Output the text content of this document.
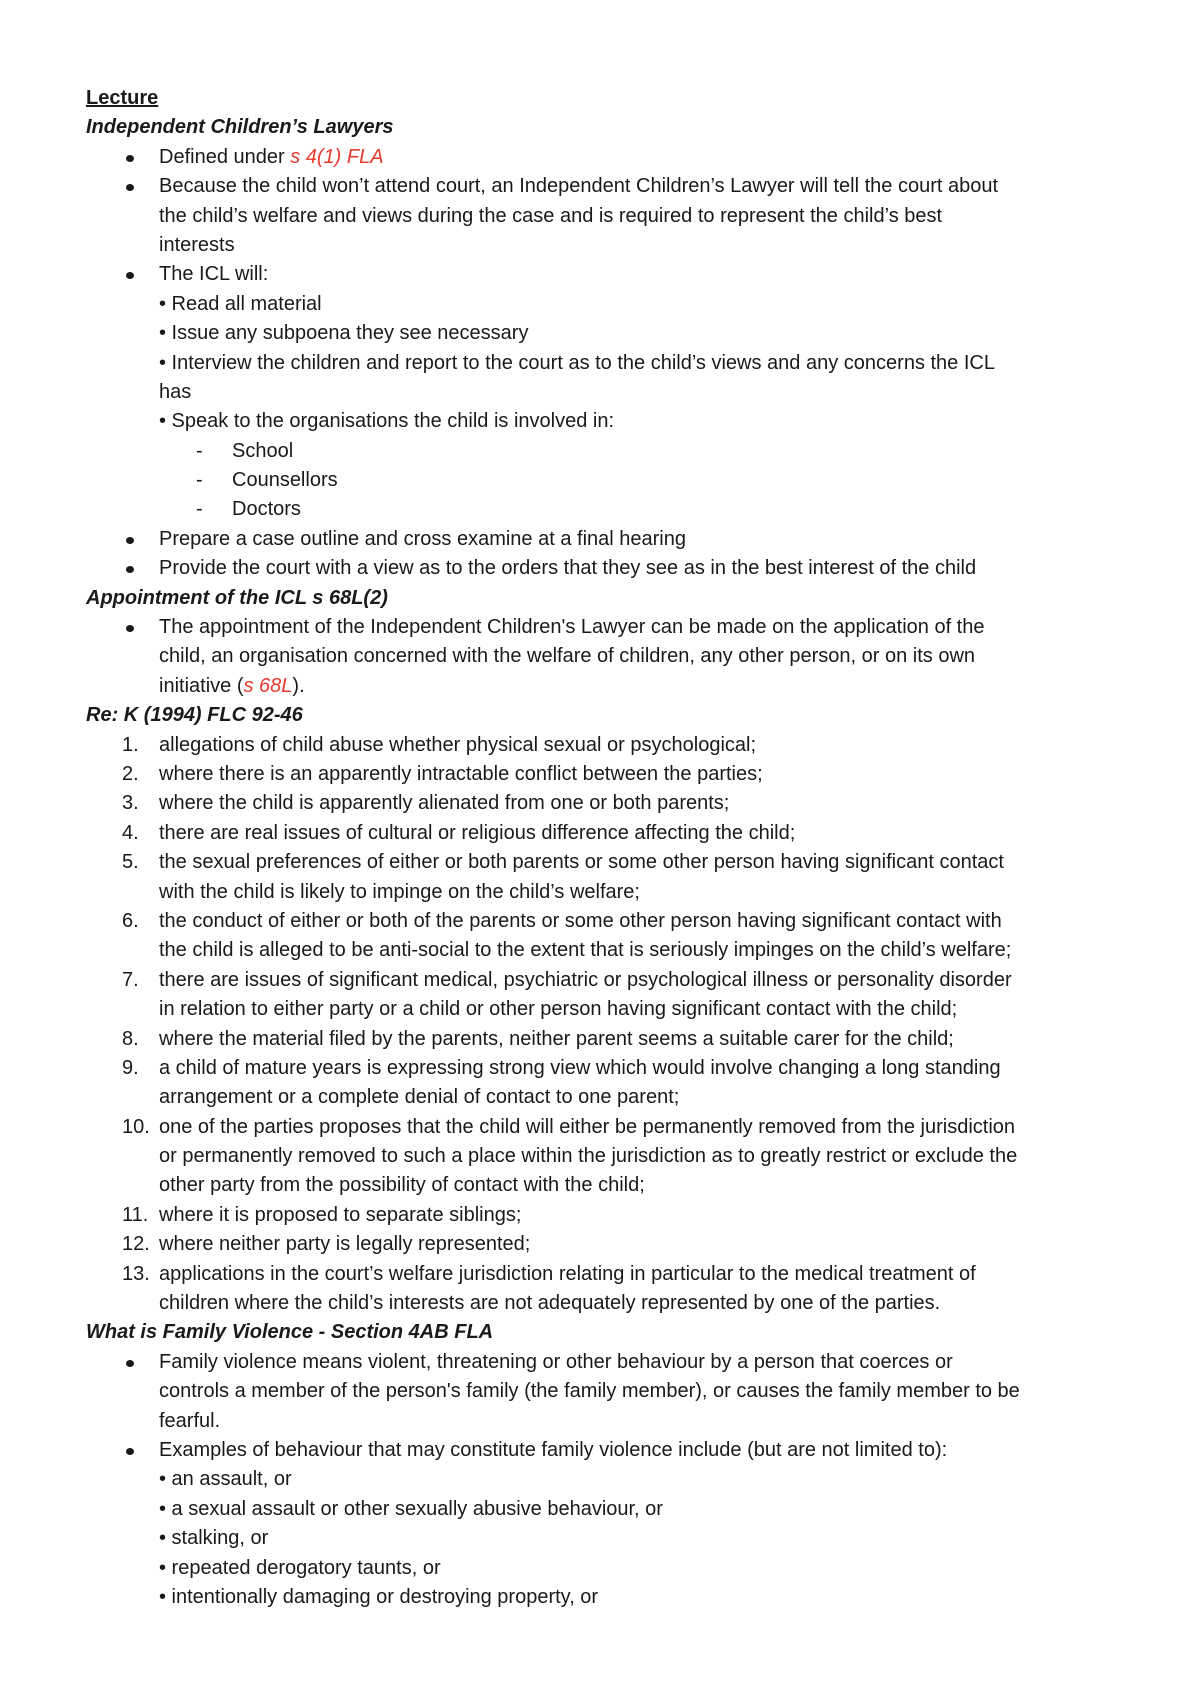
Lecture
Independent Children’s Lawyers
Defined under s 4(1) FLA
Because the child won’t attend court, an Independent Children’s Lawyer will tell the court about
the child’s welfare and views during the case and is required to represent the child’s best
interests
The ICL will:
• Read all material
• Issue any subpoena they see necessary
• Interview the children and report to the court as to the child’s views and any concerns the ICL
has
• Speak to the organisations the child is involved in:
- School
- Counsellors
- Doctors
Prepare a case outline and cross examine at a final hearing
Provide the court with a view as to the orders that they see as in the best interest of the child
Appointment of the ICL s 68L(2)
The appointment of the Independent Children's Lawyer can be made on the application of the
child, an organisation concerned with the welfare of children, any other person, or on its own
initiative (s 68L).
Re: K (1994) FLC 92-46
1.	allegations of child abuse whether physical sexual or psychological;
2.	where there is an apparently intractable conflict between the parties;
3.	where the child is apparently alienated from one or both parents;
4.	there are real issues of cultural or religious difference affecting the child;
5.	the sexual preferences of either or both parents or some other person having significant contact
with the child is likely to impinge on the child’s welfare;
6.	the conduct of either or both of the parents or some other person having significant contact with
the child is alleged to be anti-social to the extent that is seriously impinges on the child’s welfare;
7.	there are issues of significant medical, psychiatric or psychological illness or personality disorder
in relation to either party or a child or other person having significant contact with the child;
8.	where the material filed by the parents, neither parent seems a suitable carer for the child;
9.	a child of mature years is expressing strong view which would involve changing a long standing
arrangement or a complete denial of contact to one parent;
10. one of the parties proposes that the child will either be permanently removed from the jurisdiction
or permanently removed to such a place within the jurisdiction as to greatly restrict or exclude the
other party from the possibility of contact with the child;
11. where it is proposed to separate siblings;
12. where neither party is legally represented;
13. applications in the court’s welfare jurisdiction relating in particular to the medical treatment of
children where the child’s interests are not adequately represented by one of the parties.
What is Family Violence - Section 4AB FLA
Family violence means violent, threatening or other behaviour by a person that coerces or
controls a member of the person's family (the family member), or causes the family member to be
fearful.
Examples of behaviour that may constitute family violence include (but are not limited to):
• an assault, or
• a sexual assault or other sexually abusive behaviour, or
• stalking, or
• repeated derogatory taunts, or
• intentionally damaging or destroying property, or
